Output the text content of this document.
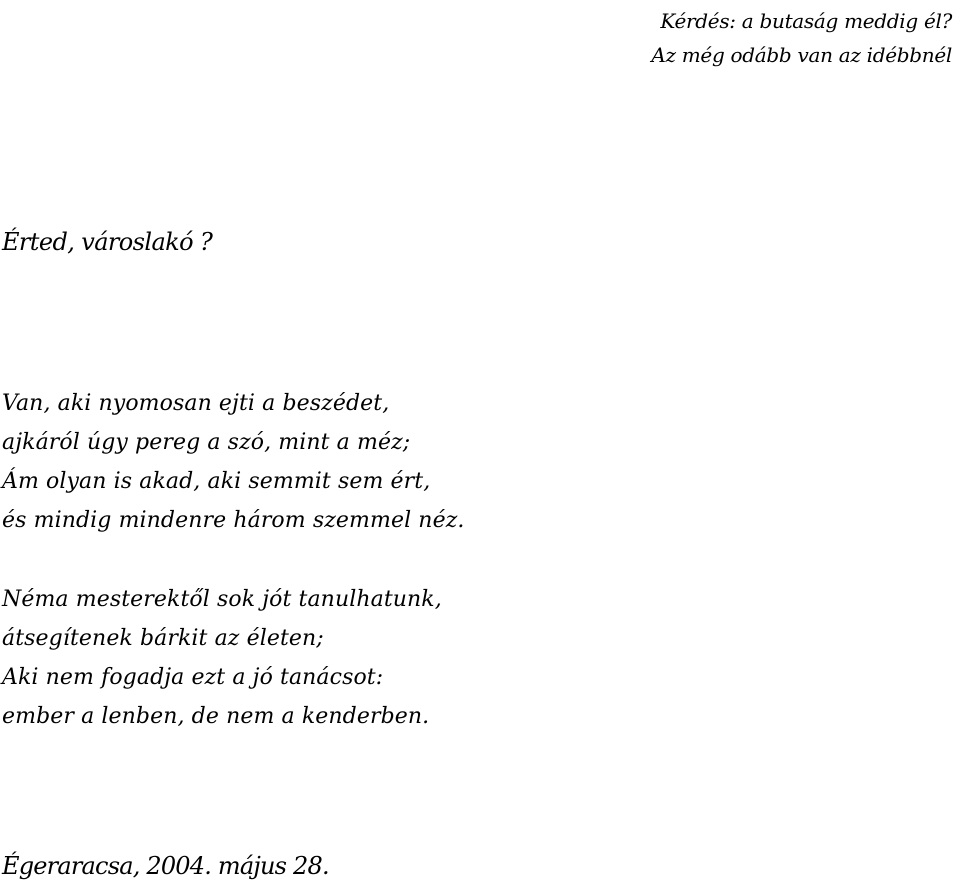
Kérdés: a butaság meddig él?
Az még odább van az idébbnél
Érted, városlakó ?
Van, aki nyomosan ejti a beszédet,
ajkáról úgy pereg a szó, mint a méz;
Ám olyan is akad, aki semmit sem ért,
és mindig mindenre három szemmel néz.
Néma mesterektől sok jót tanulhatunk,
átsegítenek bárkit az életen;
Aki nem fogadja ezt a jó tanácsot:
ember a lenben, de nem a kenderben.
Égeraracsa, 2004. május 28.
